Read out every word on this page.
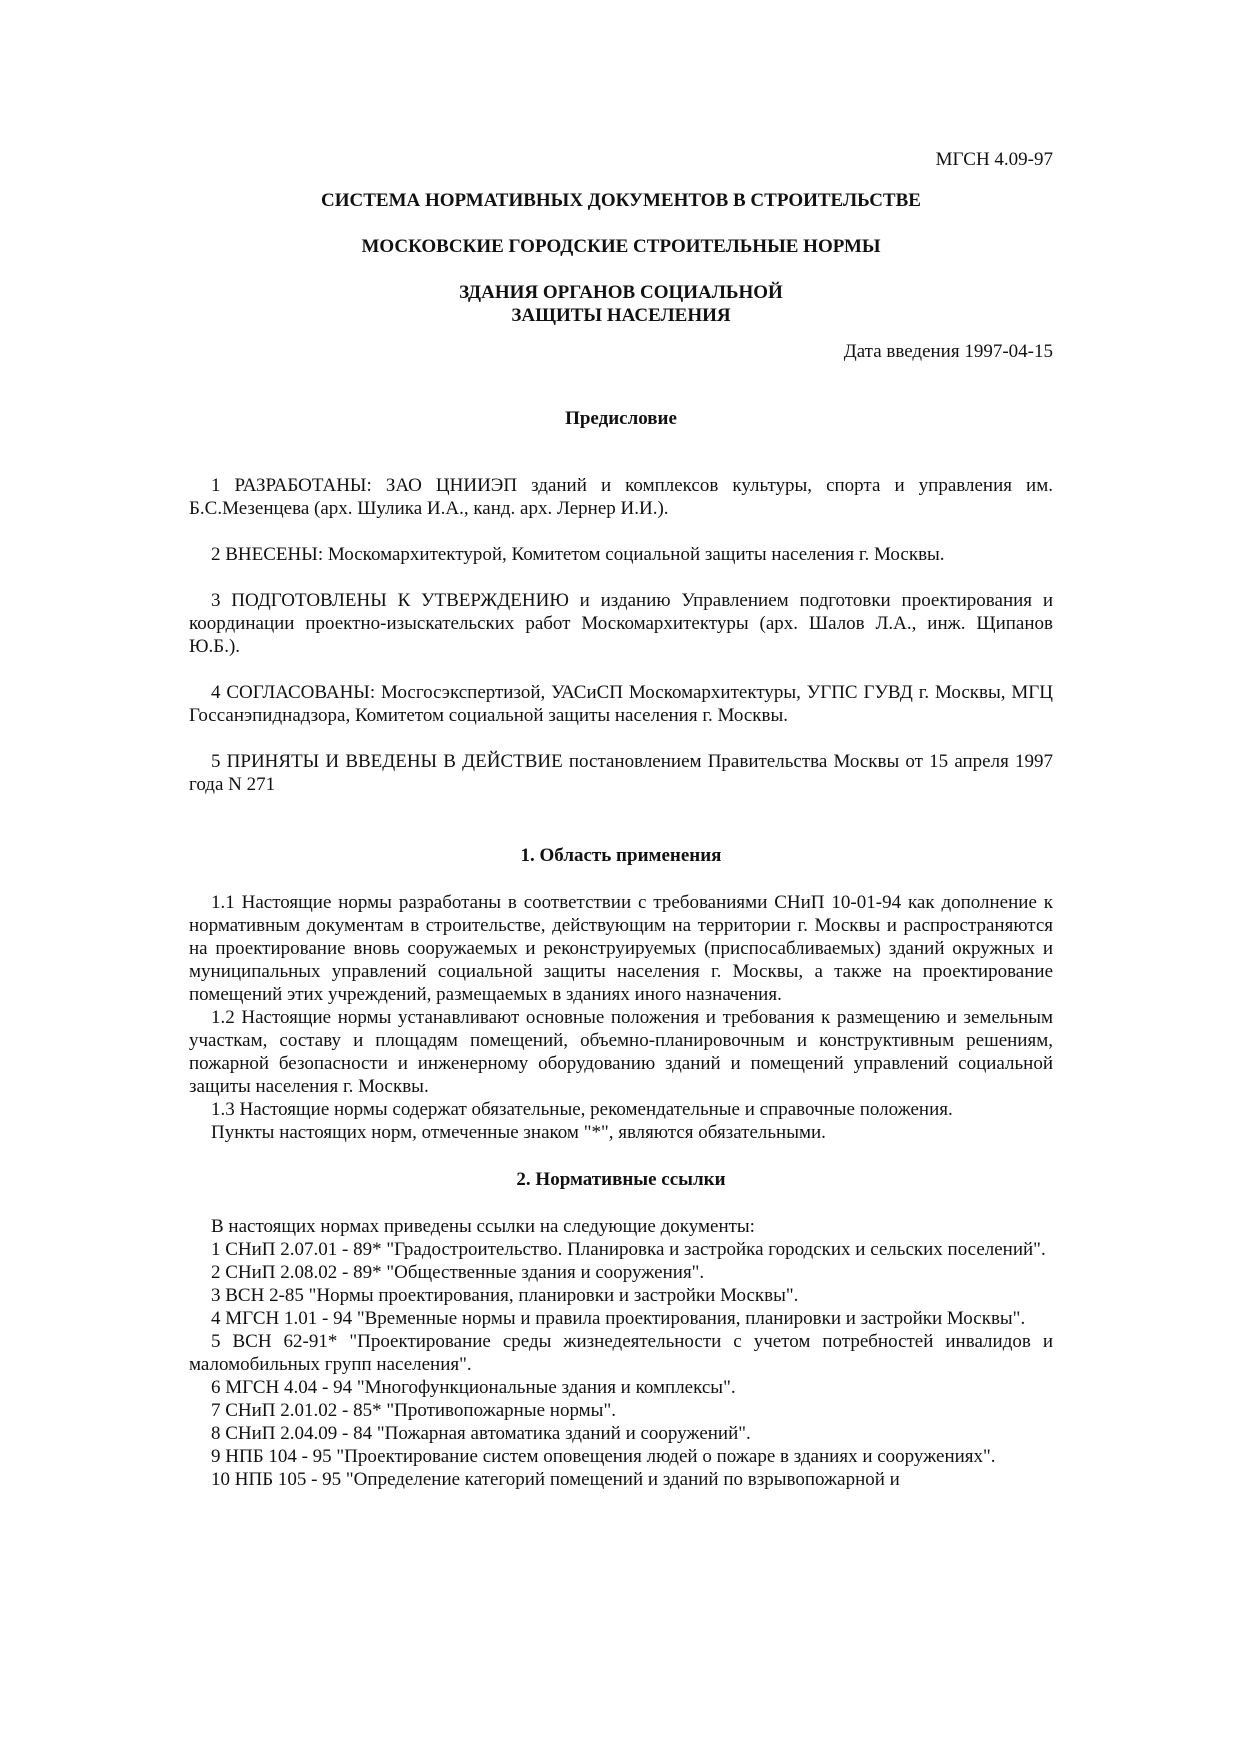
МГСН 4.09-97

СИСТЕМА НОРМАТИВНЫХ ДОКУМЕНТОВ В СТРОИТЕЛЬСТВЕ

МОСКОВСКИЕ ГОРОДСКИЕ СТРОИТЕЛЬНЫЕ НОРМЫ

ЗДАНИЯ ОРГАНОВ СОЦИАЛЬНОЙ

ЗАЩИТЫ НАСЕЛЕНИЯ

Дата введения 1997-04-15

Предисловие

1 РАЗРАБОТАНЫ: ЗАО ЦНИИЭП зданий и комплексов культуры, спорта и управления им. Б.С.Мезенцева (арх. Шулика И.А., канд. арх. Лернер И.И.).

2 ВНЕСЕНЫ: Москомархитектурой, Комитетом социальной защиты населения г. Москвы.

3 ПОДГОТОВЛЕНЫ К УТВЕРЖДЕНИЮ и изданию Управлением подготовки проектирования и координации проектно-изыскательских работ Москомархитектуры (арх. Шалов Л.А., инж. Щипанов Ю.Б.).

4 СОГЛАСОВАНЫ: Мосгосэкспертизой, УАСиСП Москомархитектуры, УГПС ГУВД г. Москвы, МГЦ Госсанэпиднадзора, Комитетом социальной защиты населения г. Москвы.

5 ПРИНЯТЫ И ВВЕДЕНЫ В ДЕЙСТВИЕ постановлением Правительства Москвы от 15 апреля 1997 года N 271

1. Область применения

1.1 Настоящие нормы разработаны в соответствии с требованиями СНиП 10-01-94 как дополнение к нормативным документам в строительстве, действующим на территории г. Москвы и распространяются на проектирование вновь сооружаемых и реконструируемых (приспосабливаемых) зданий окружных и муниципальных управлений социальной защиты населения г. Москвы, а также на проектирование помещений этих учреждений, размещаемых в зданиях иного назначения.

1.2 Настоящие нормы устанавливают основные положения и требования к размещению и земельным участкам, составу и площадям помещений, объемно-планировочным и конструктивным решениям, пожарной безопасности и инженерному оборудованию зданий и помещений управлений социальной защиты населения г. Москвы.

1.3 Настоящие нормы содержат обязательные, рекомендательные и справочные положения.

Пункты настоящих норм, отмеченные знаком "*", являются обязательными.

2. Нормативные ссылки

В настоящих нормах приведены ссылки на следующие документы:

1 СНиП 2.07.01 - 89* "Градостроительство. Планировка и застройка городских и сельских поселений".

2 СНиП 2.08.02 - 89* "Общественные здания и сооружения".

3 ВСН 2-85 "Нормы проектирования, планировки и застройки Москвы".

4 МГСН 1.01 - 94 "Временные нормы и правила проектирования, планировки и застройки Москвы".

5 ВСН 62-91* "Проектирование среды жизнедеятельности с учетом потребностей инвалидов и маломобильных групп населения".

6 МГСН 4.04 - 94 "Многофункциональные здания и комплексы".

7 СНиП 2.01.02 - 85* "Противопожарные нормы".

8 СНиП 2.04.09 - 84 "Пожарная автоматика зданий и сооружений".

9 НПБ 104 - 95 "Проектирование систем оповещения людей о пожаре в зданиях и сооружениях".

10 НПБ 105 - 95 "Определение категорий помещений и зданий по взрывопожарной и
